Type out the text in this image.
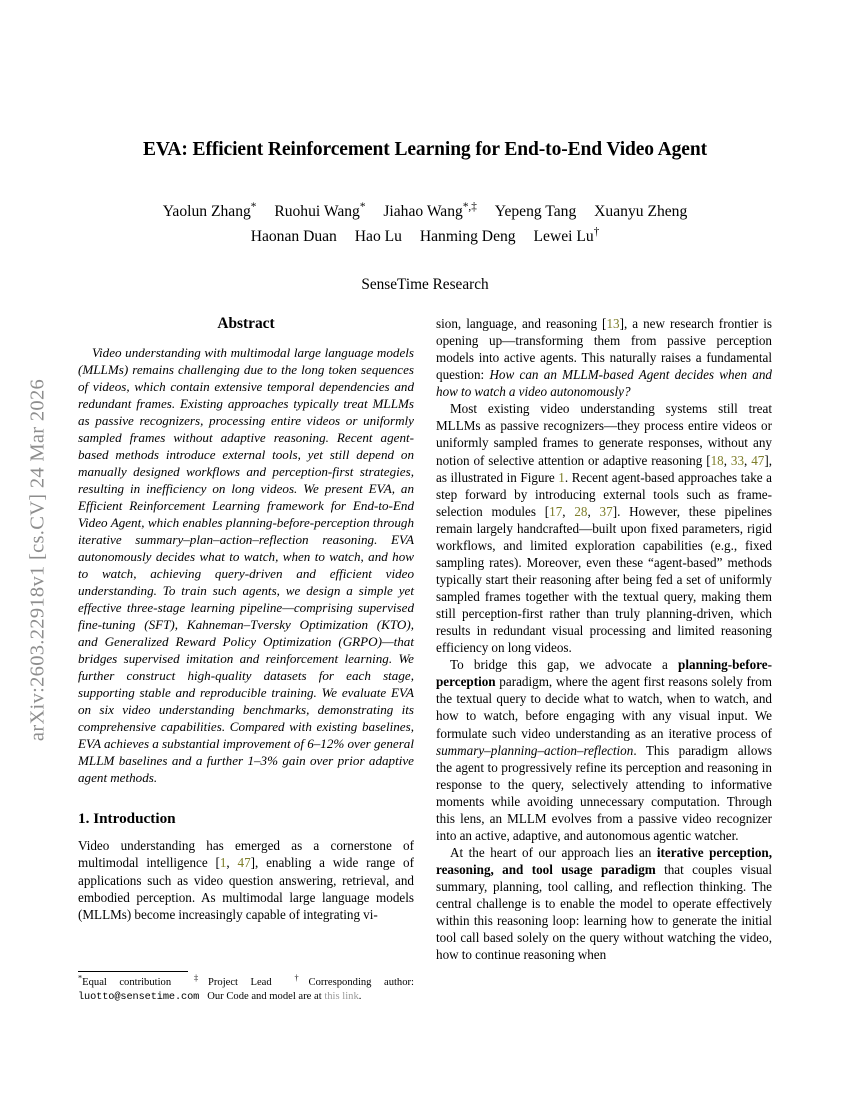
arXiv:2603.22918v1 [cs.CV] 24 Mar 2026
EVA: Efficient Reinforcement Learning for End-to-End Video Agent
Yaolun Zhang* Ruohui Wang* Jiahao Wang*,‡ Yepeng Tang Xuanyu Zheng
Haonan Duan Hao Lu Hanming Deng Lewei Lu†
SenseTime Research
Abstract

Video understanding with multimodal large language models (MLLMs) remains challenging due to the long token sequences of videos, which contain extensive temporal dependencies and redundant frames. Existing approaches typically treat MLLMs as passive recognizers, processing entire videos or uniformly sampled frames without adaptive reasoning. Recent agent-based methods introduce external tools, yet still depend on manually designed workflows and perception-first strategies, resulting in inefficiency on long videos. We present EVA, an Efficient Reinforcement Learning framework for End-to-End Video Agent, which enables planning-before-perception through iterative summary–plan–action–reflection reasoning. EVA autonomously decides what to watch, when to watch, and how to watch, achieving query-driven and efficient video understanding. To train such agents, we design a simple yet effective three-stage learning pipeline—comprising supervised fine-tuning (SFT), Kahneman–Tversky Optimization (KTO), and Generalized Reward Policy Optimization (GRPO)—that bridges supervised imitation and reinforcement learning. We further construct high-quality datasets for each stage, supporting stable and reproducible training. We evaluate EVA on six video understanding benchmarks, demonstrating its comprehensive capabilities. Compared with existing baselines, EVA achieves a substantial improvement of 6–12% over general MLLM baselines and a further 1–3% gain over prior adaptive agent methods.

1. Introduction

Video understanding has emerged as a cornerstone of multimodal intelligence [1, 47], enabling a wide range of applications such as video question answering, retrieval, and embodied perception. As multimodal large language models (MLLMs) become increasingly capable of integrating vi-

*Equal contribution ‡Project Lead †Corresponding author: luotto@sensetime.com Our Code and model are at this link.

sion, language, and reasoning [13], a new research frontier is opening up—transforming them from passive perception models into active agents. This naturally raises a fundamental question: How can an MLLM-based Agent decides when and how to watch a video autonomously?

Most existing video understanding systems still treat MLLMs as passive recognizers—they process entire videos or uniformly sampled frames to generate responses, without any notion of selective attention or adaptive reasoning [18, 33, 47], as illustrated in Figure 1. Recent agent-based approaches take a step forward by introducing external tools such as frame-selection modules [17, 28, 37]. However, these pipelines remain largely handcrafted—built upon fixed parameters, rigid workflows, and limited exploration capabilities (e.g., fixed sampling rates). Moreover, even these “agent-based” methods typically start their reasoning after being fed a set of uniformly sampled frames together with the textual query, making them still perception-first rather than truly planning-driven, which results in redundant visual processing and limited reasoning efficiency on long videos.

To bridge this gap, we advocate a planning-before-perception paradigm, where the agent first reasons solely from the textual query to decide what to watch, when to watch, and how to watch, before engaging with any visual input. We formulate such video understanding as an iterative process of summary–planning–action–reflection. This paradigm allows the agent to progressively refine its perception and reasoning in response to the query, selectively attending to informative moments while avoiding unnecessary computation. Through this lens, an MLLM evolves from a passive video recognizer into an active, adaptive, and autonomous agentic watcher.

At the heart of our approach lies an iterative perception, reasoning, and tool usage paradigm that couples visual summary, planning, tool calling, and reflection thinking. The central challenge is to enable the model to operate effectively within this reasoning loop: learning how to generate the initial tool call based solely on the query without watching the video, how to continue reasoning when
